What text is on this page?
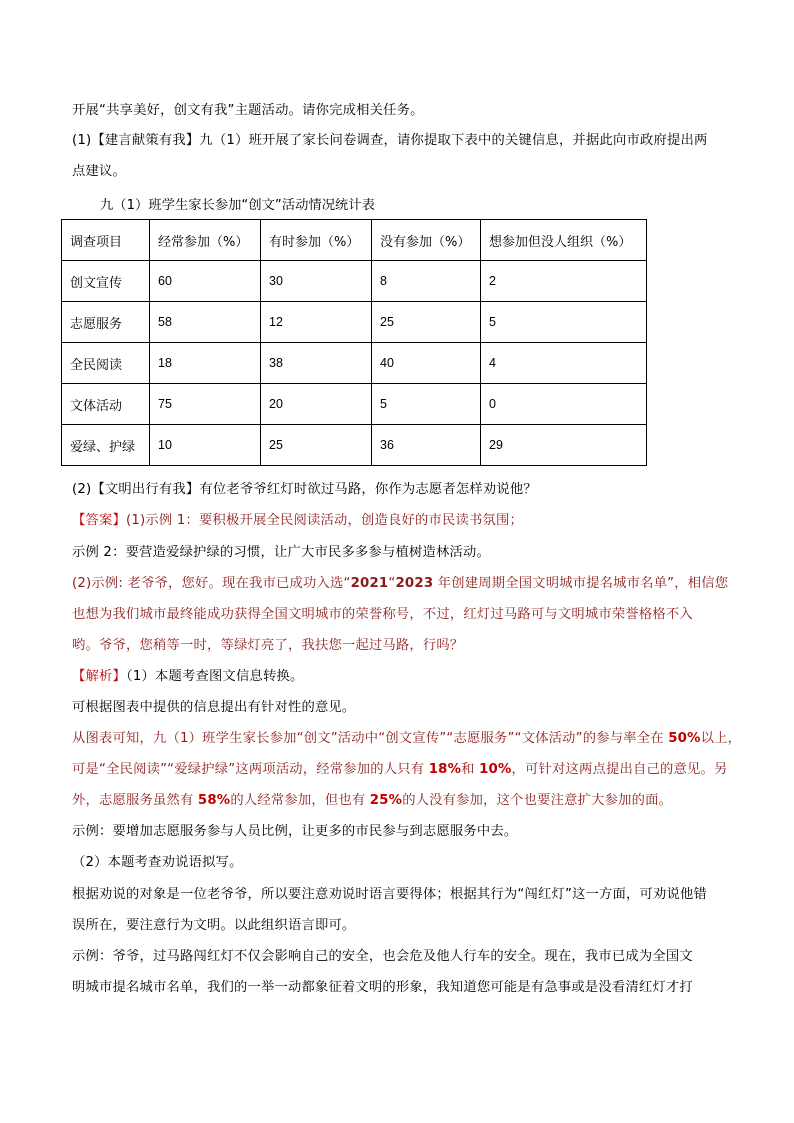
开展“共享美好，创文有我”主题活动。请你完成相关任务。
(1)【建言献策有我】九（1）班开展了家长问卷调查，请你提取下表中的关键信息，并据此向市政府提出两
点建议。
九（1）班学生家长参加“创文”活动情况统计表
调查项目	经常参加（%）	有时参加（%）	没有参加（%）	想参加但没人组织（%）
创文宣传	60	30	8	2
志愿服务	58	12	25	5
全民阅读	18	38	40	4
文体活动	75	20	5	0
爱绿、护绿	10	25	36	29
(2)【文明出行有我】有位老爷爷红灯时欲过马路，你作为志愿者怎样劝说他？
【答案】(1)示例 1：要积极开展全民阅读活动，创造良好的市民读书氛围；
示例 2：要营造爱绿护绿的习惯，让广大市民多多参与植树造林活动。
(2)示例: 老爷爷，您好。现在我市已成功入选“2021“2023 年创建周期全国文明城市提名城市名单”，相信您
也想为我们城市最终能成功获得全国文明城市的荣誉称号，不过，红灯过马路可与文明城市荣誉格格不入
哟。爷爷，您稍等一时，等绿灯亮了，我扶您一起过马路，行吗？
【解析】（1）本题考查图文信息转换。
可根据图表中提供的信息提出有针对性的意见。
从图表可知，九（1）班学生家长参加“创文”活动中“创文宣传”“志愿服务”“文体活动”的参与率全在 50%以上，
可是“全民阅读”“爱绿护绿”这两项活动，经常参加的人只有 18%和 10%，可针对这两点提出自己的意见。另
外，志愿服务虽然有 58%的人经常参加，但也有 25%的人没有参加，这个也要注意扩大参加的面。
示例：要增加志愿服务参与人员比例，让更多的市民参与到志愿服务中去。
（2）本题考查劝说语拟写。
根据劝说的对象是一位老爷爷，所以要注意劝说时语言要得体；根据其行为“闯红灯”这一方面，可劝说他错
误所在，要注意行为文明。以此组织语言即可。
示例：爷爷，过马路闯红灯不仅会影响自己的安全，也会危及他人行车的安全。现在，我市已成为全国文
明城市提名城市名单，我们的一举一动都象征着文明的形象，我知道您可能是有急事或是没看清红灯才打
